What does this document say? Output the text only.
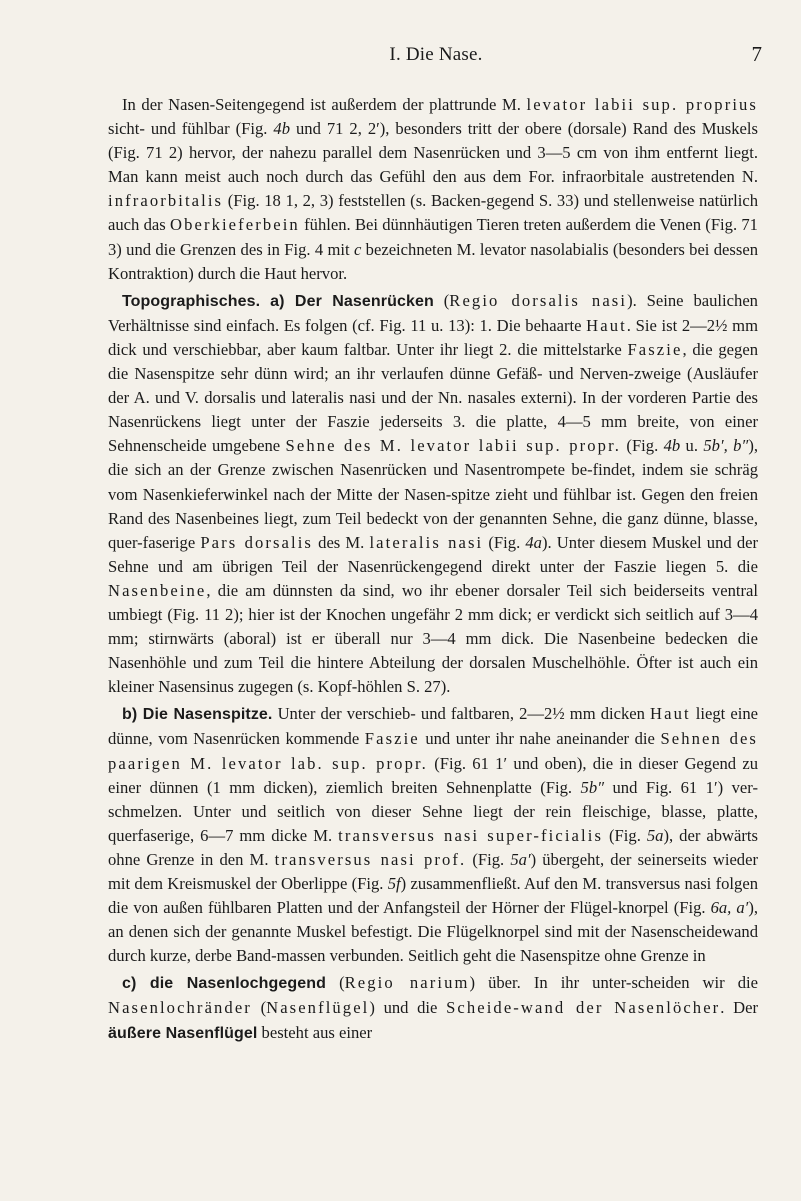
I. Die Nase.	7

In der Nasen-Seitengegend ist außerdem der plattrunde M. levator labii sup. proprius sicht- und fühlbar (Fig. 4b und 71 2, 2′), besonders tritt der obere (dorsale) Rand des Muskels (Fig. 71 2) hervor, der nahezu parallel dem Nasenrücken und 3—5 cm von ihm entfernt liegt. Man kann meist auch noch durch das Gefühl den aus dem For. infraorbitale austretenden N. infraorbitalis (Fig. 18 1, 2, 3) feststellen (s. Backen-gegend S. 33) und stellenweise natürlich auch das Oberkieferbein fühlen. Bei dünnhäutigen Tieren treten außerdem die Venen (Fig. 71 3) und die Grenzen des in Fig. 4 mit c bezeichneten M. levator nasolabialis (besonders bei dessen Kontraktion) durch die Haut hervor.

Topographisches. a) Der Nasenrücken (Regio dorsalis nasi). Seine baulichen Verhältnisse sind einfach. Es folgen (cf. Fig. 11 u. 13): 1. Die behaarte Haut. Sie ist 2—2½ mm dick und verschiebbar, aber kaum faltbar. Unter ihr liegt 2. die mittelstarke Faszie, die gegen die Nasenspitze sehr dünn wird; an ihr verlaufen dünne Gefäß- und Nerven-zweige (Ausläufer der A. und V. dorsalis und lateralis nasi und der Nn. nasales externi). In der vorderen Partie des Nasenrückens liegt unter der Faszie jederseits 3. die platte, 4—5 mm breite, von einer Sehnenscheide umgebene Sehne des M. levator labii sup. propr. (Fig. 4b u. 5b′, b″), die sich an der Grenze zwischen Nasenrücken und Nasentrompete be-findet, indem sie schräg vom Nasenkieferwinkel nach der Mitte der Nasen-spitze zieht und fühlbar ist. Gegen den freien Rand des Nasenbeines liegt, zum Teil bedeckt von der genannten Sehne, die ganz dünne, blasse, quer-faserige Pars dorsalis des M. lateralis nasi (Fig. 4a). Unter diesem Muskel und der Sehne und am übrigen Teil der Nasenrückengegend direkt unter der Faszie liegen 5. die Nasenbeine, die am dünnsten da sind, wo ihr ebener dorsaler Teil sich beiderseits ventral umbiegt (Fig. 11 2); hier ist der Knochen ungefähr 2 mm dick; er verdickt sich seitlich auf 3—4 mm; stirnwärts (aboral) ist er überall nur 3—4 mm dick. Die Nasenbeine bedecken die Nasenhöhle und zum Teil die hintere Abteilung der dorsalen Muschelhöhle. Öfter ist auch ein kleiner Nasensinus zugegen (s. Kopf-höhlen S. 27).

b) Die Nasenspitze. Unter der verschieb- und faltbaren, 2—2½ mm dicken Haut liegt eine dünne, vom Nasenrücken kommende Faszie und unter ihr nahe aneinander die Sehnen des paarigen M. levator lab. sup. propr. (Fig. 61 1′ und oben), die in dieser Gegend zu einer dünnen (1 mm dicken), ziemlich breiten Sehnenplatte (Fig. 5b″ und Fig. 61 1′) ver-schmelzen. Unter und seitlich von dieser Sehne liegt der rein fleischige, blasse, platte, querfaserige, 6—7 mm dicke M. transversus nasi super-ficialis (Fig. 5a), der abwärts ohne Grenze in den M. transversus nasi prof. (Fig. 5a′) übergeht, der seinerseits wieder mit dem Kreismuskel der Oberlippe (Fig. 5f) zusammenfließt. Auf den M. transversus nasi folgen die von außen fühlbaren Platten und der Anfangsteil der Hörner der Flügel-knorpel (Fig. 6a, a′), an denen sich der genannte Muskel befestigt. Die Flügelknorpel sind mit der Nasenscheidewand durch kurze, derbe Band-massen verbunden. Seitlich geht die Nasenspitze ohne Grenze in

c) die Nasenlochgegend (Regio narium) über. In ihr unter-scheiden wir die Nasenlochränder (Nasenflügel) und die Scheide-wand der Nasenlöcher. Der äußere Nasenflügel besteht aus einer
